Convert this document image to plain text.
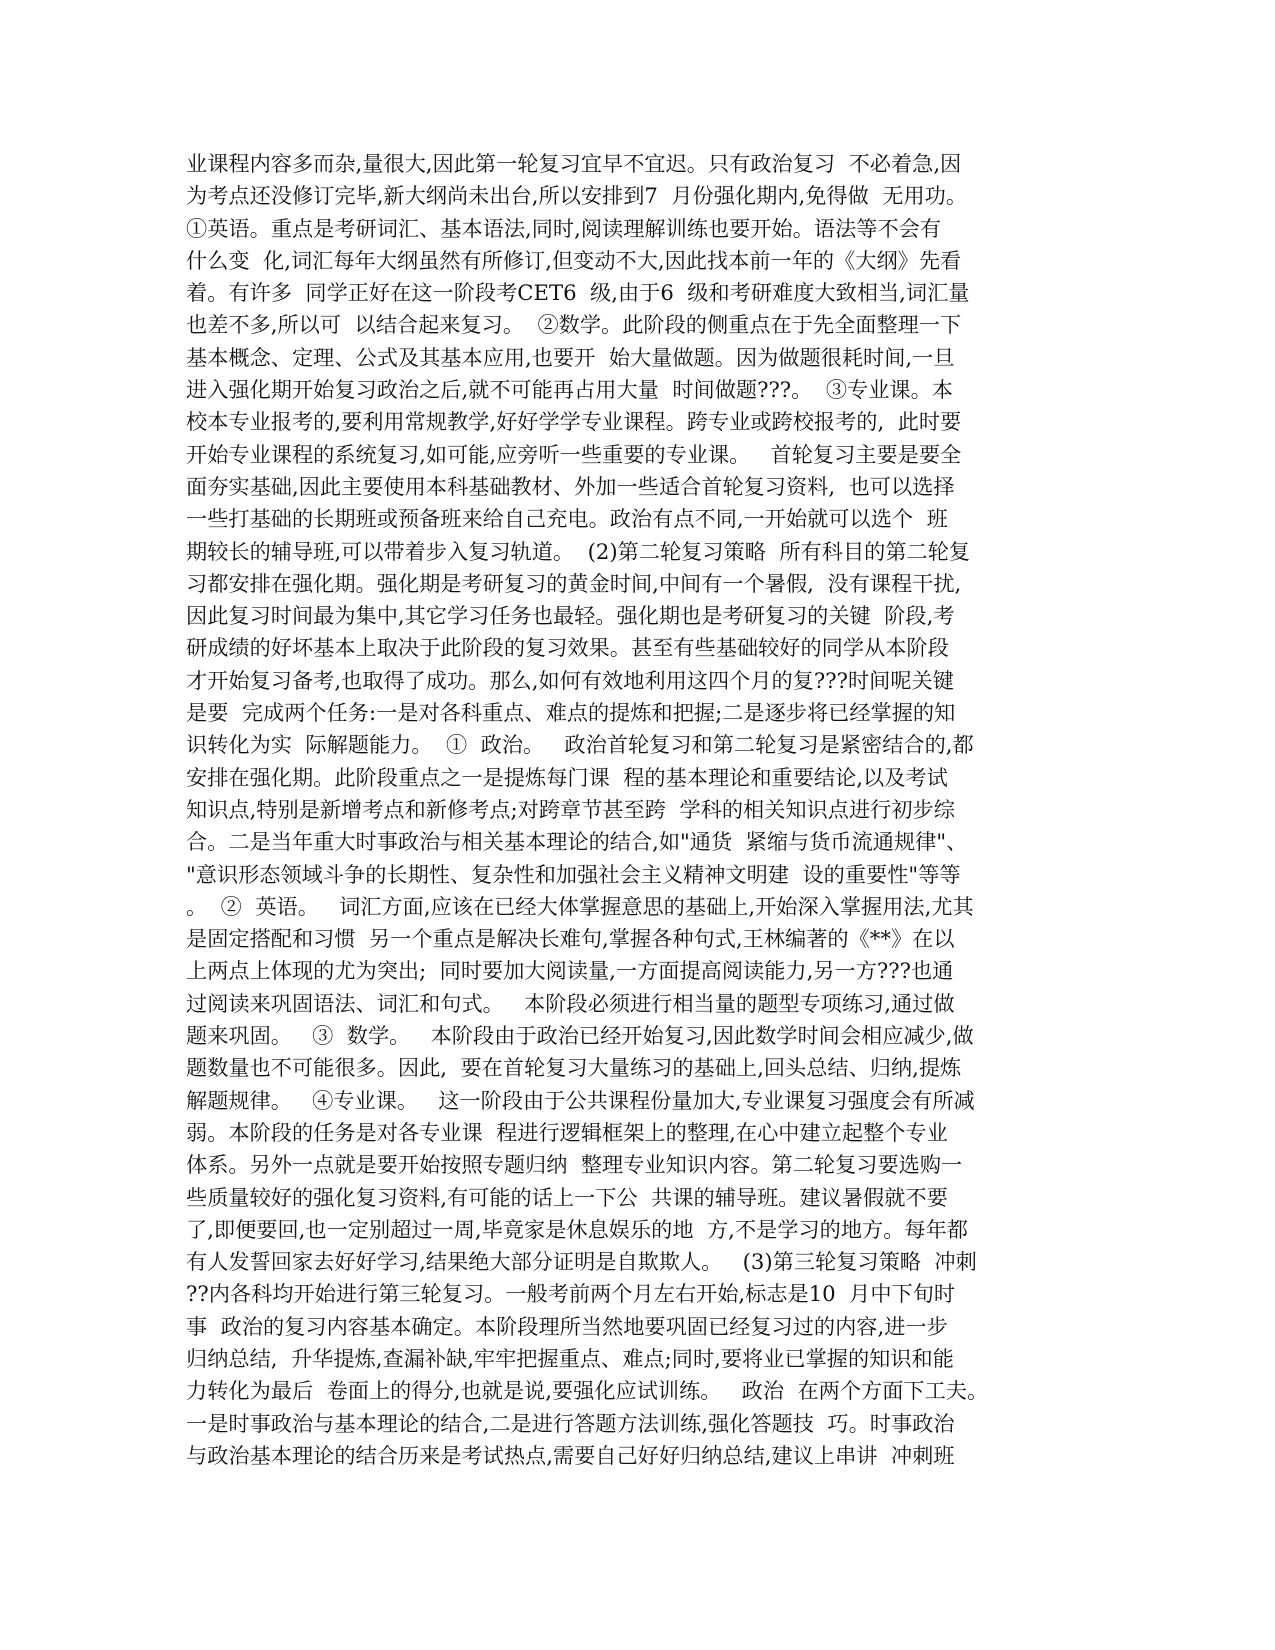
业课程内容多而杂,量很大,因此第一轮复习宜早不宜迟。只有政治复习  不必着急,因
为考点还没修订完毕,新大纲尚未出台,所以安排到7  月份强化期内,免得做  无用功。
①英语。重点是考研词汇、基本语法,同时,阅读理解训练也要开始。语法等不会有
什么变  化,词汇每年大纲虽然有所修订,但变动不大,因此找本前一年的《大纲》先看
着。有许多  同学正好在这一阶段考CET6  级,由于6  级和考研难度大致相当,词汇量
也差不多,所以可  以结合起来复习。  ②数学。此阶段的侧重点在于先全面整理一下
基本概念、定理、公式及其基本应用,也要开  始大量做题。因为做题很耗时间,一旦
进入强化期开始复习政治之后,就不可能再占用大量  时间做题???。  ③专业课。本
校本专业报考的,要利用常规教学,好好学学专业课程。跨专业或跨校报考的,  此时要
开始专业课程的系统复习,如可能,应旁听一些重要的专业课。   首轮复习主要是要全
面夯实基础,因此主要使用本科基础教材、外加一些适合首轮复习资料,  也可以选择
一些打基础的长期班或预备班来给自己充电。政治有点不同,一开始就可以选个  班
期较长的辅导班,可以带着步入复习轨道。  (2)第二轮复习策略  所有科目的第二轮复
习都安排在强化期。强化期是考研复习的黄金时间,中间有一个暑假,  没有课程干扰,
因此复习时间最为集中,其它学习任务也最轻。强化期也是考研复习的关键  阶段,考
研成绩的好坏基本上取决于此阶段的复习效果。甚至有些基础较好的同学从本阶段
才开始复习备考,也取得了成功。那么,如何有效地利用这四个月的复???时间呢关键
是要  完成两个任务:一是对各科重点、难点的提炼和把握;二是逐步将已经掌握的知
识转化为实  际解题能力。  ①  政治。   政治首轮复习和第二轮复习是紧密结合的,都
安排在强化期。此阶段重点之一是提炼每门课  程的基本理论和重要结论,以及考试
知识点,特别是新增考点和新修考点;对跨章节甚至跨  学科的相关知识点进行初步综
合。二是当年重大时事政治与相关基本理论的结合,如"通货  紧缩与货币流通规律"、
"意识形态领域斗争的长期性、复杂性和加强社会主义精神文明建  设的重要性"等等
。  ②  英语。   词汇方面,应该在已经大体掌握意思的基础上,开始深入掌握用法,尤其
是固定搭配和习惯  另一个重点是解决长难句,掌握各种句式,王林编著的《**》在以
上两点上体现的尤为突出;  同时要加大阅读量,一方面提高阅读能力,另一方???也通
过阅读来巩固语法、词汇和句式。   本阶段必须进行相当量的题型专项练习,通过做
题来巩固。   ③  数学。   本阶段由于政治已经开始复习,因此数学时间会相应减少,做
题数量也不可能很多。因此,  要在首轮复习大量练习的基础上,回头总结、归纳,提炼
解题规律。   ④专业课。   这一阶段由于公共课程份量加大,专业课复习强度会有所减
弱。本阶段的任务是对各专业课  程进行逻辑框架上的整理,在心中建立起整个专业
体系。另外一点就是要开始按照专题归纳  整理专业知识内容。第二轮复习要选购一
些质量较好的强化复习资料,有可能的话上一下公  共课的辅导班。建议暑假就不要
了,即便要回,也一定别超过一周,毕竟家是休息娱乐的地  方,不是学习的地方。每年都
有人发誓回家去好好学习,结果绝大部分证明是自欺欺人。   (3)第三轮复习策略  冲刺
??内各科均开始进行第三轮复习。一般考前两个月左右开始,标志是10  月中下旬时
事  政治的复习内容基本确定。本阶段理所当然地要巩固已经复习过的内容,进一步
归纳总结,  升华提炼,查漏补缺,牢牢把握重点、难点;同时,要将业已掌握的知识和能
力转化为最后  卷面上的得分,也就是说,要强化应试训练。   政治  在两个方面下工夫。
一是时事政治与基本理论的结合,二是进行答题方法训练,强化答题技  巧。时事政治
与政治基本理论的结合历来是考试热点,需要自己好好归纳总结,建议上串讲  冲刺班
